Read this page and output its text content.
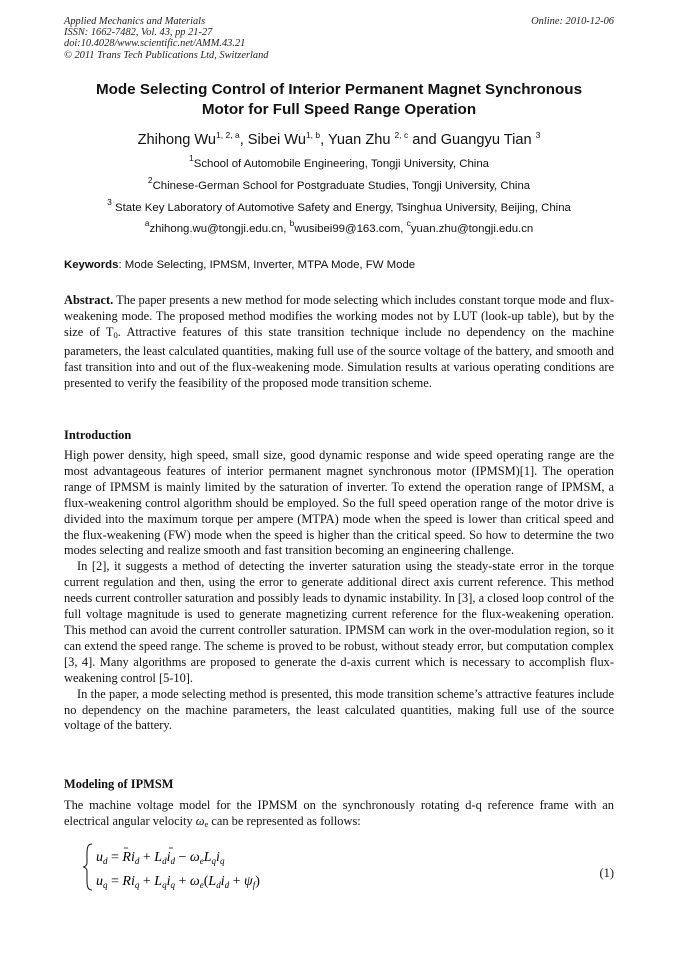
Applied Mechanics and Materials
ISSN: 1662-7482, Vol. 43, pp 21-27
doi:10.4028/www.scientific.net/AMM.43.21
© 2011 Trans Tech Publications Ltd, Switzerland
Online: 2010-12-06
Mode Selecting Control of Interior Permanent Magnet Synchronous
Motor for Full Speed Range Operation
Zhihong Wu$^{1, 2, a}$, Sibei Wu$^{1, b}$, Yuan Zhu $^{2, c}$ and Guangyu Tian $^3$
$^1$School of Automobile Engineering, Tongji University, China
$^2$Chinese-German School for Postgraduate Studies, Tongji University, China
$^3$ State Key Laboratory of Automotive Safety and Energy, Tsinghua University, Beijing, China
$^a$zhihong.wu@tongji.edu.cn, $^b$wusibei99@163.com, $^c$yuan.zhu@tongji.edu.cn
Keywords: Mode Selecting, IPMSM, Inverter, MTPA Mode, FW Mode

Abstract. The paper presents a new method for mode selecting which includes constant torque mode and flux-weakening mode. The proposed method modifies the working modes not by LUT (look-up table), but by the size of $T_0$. Attractive features of this state transition technique include no dependency on the machine parameters, the least calculated quantities, making full use of the source voltage of the battery, and smooth and fast transition into and out of the flux-weakening mode. Simulation results at various operating conditions are presented to verify the feasibility of the proposed mode transition scheme.

Introduction

High power density, high speed, small size, good dynamic response and wide speed operating range are the most advantageous features of interior permanent magnet synchronous motor (IPMSM)[1]. The operation range of IPMSM is mainly limited by the saturation of inverter. To extend the operation range of IPMSM, a flux-weakening control algorithm should be employed. So the full speed operation range of the motor drive is divided into the maximum torque per ampere (MTPA) mode when the speed is lower than critical speed and the flux-weakening (FW) mode when the speed is higher than the critical speed. So how to determine the two modes selecting and realize smooth and fast transition becoming an engineering challenge.

In [2], it suggests a method of detecting the inverter saturation using the steady-state error in the torque current regulation and then, using the error to generate additional direct axis current reference. This method needs current controller saturation and possibly leads to dynamic instability. In [3], a closed loop control of the full voltage magnitude is used to generate magnetizing current reference for the flux-weakening operation. This method can avoid the current controller saturation. IPMSM can work in the over-modulation region, so it can extend the speed range. The scheme is proved to be robust, without steady error, but computation complex [3, 4]. Many algorithms are proposed to generate the d-axis current which is necessary to accomplish flux-weakening control [5-10].

In the paper, a mode selecting method is presented, this mode transition scheme’s attractive features include no dependency on the machine parameters, the least calculated quantities, making full use of the source voltage of the battery.

Modeling of IPMSM

The machine voltage model for the IPMSM on the synchronously rotating d-q reference frame with an electrical angular velocity $\omega_e$ can be represented as follows:

$u_d = Ri_d + L_di_d - \omega_eL_qi_q$
$u_q = Ri_q + L_qi_q + \omega_e(L_di_d + \psi_f)$
(1)
